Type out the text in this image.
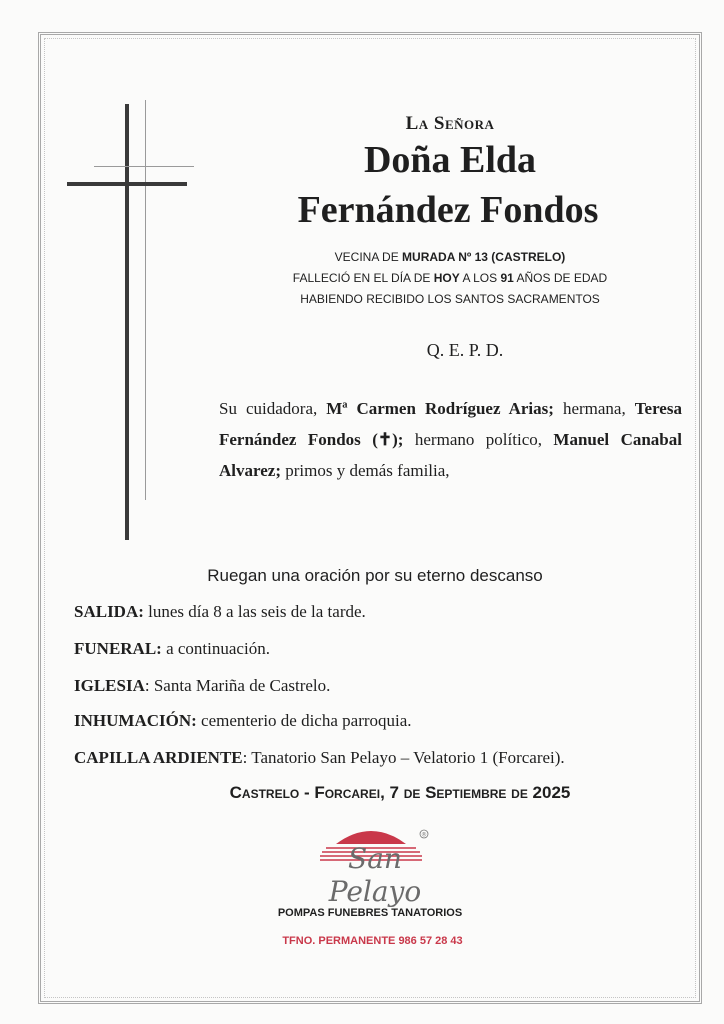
La Señora
Doña Elda
Fernández Fondos
VECINA DE MURADA Nº 13 (CASTRELO)
FALLECIÓ EN EL DÍA DE HOY A LOS 91 AÑOS DE EDAD
HABIENDO RECIBIDO LOS SANTOS SACRAMENTOS
Q. E. P. D.
Su cuidadora, Mª Carmen Rodríguez Arias; hermana, Teresa Fernández Fondos (✝); hermano político, Manuel Canabal Alvarez; primos y demás familia,
Ruegan una oración por su eterno descanso
SALIDA: lunes día 8 a las seis de la tarde.
FUNERAL: a continuación.
IGLESIA: Santa Mariña de Castrelo.
INHUMACIÓN: cementerio de dicha parroquia.
CAPILLA ARDIENTE: Tanatorio San Pelayo – Velatorio 1 (Forcarei).
Castrelo - Forcarei, 7 de Septiembre de 2025
®
San Pelayo
POMPAS FUNEBRES TANATORIOS
TFNO. PERMANENTE 986 57 28 43
